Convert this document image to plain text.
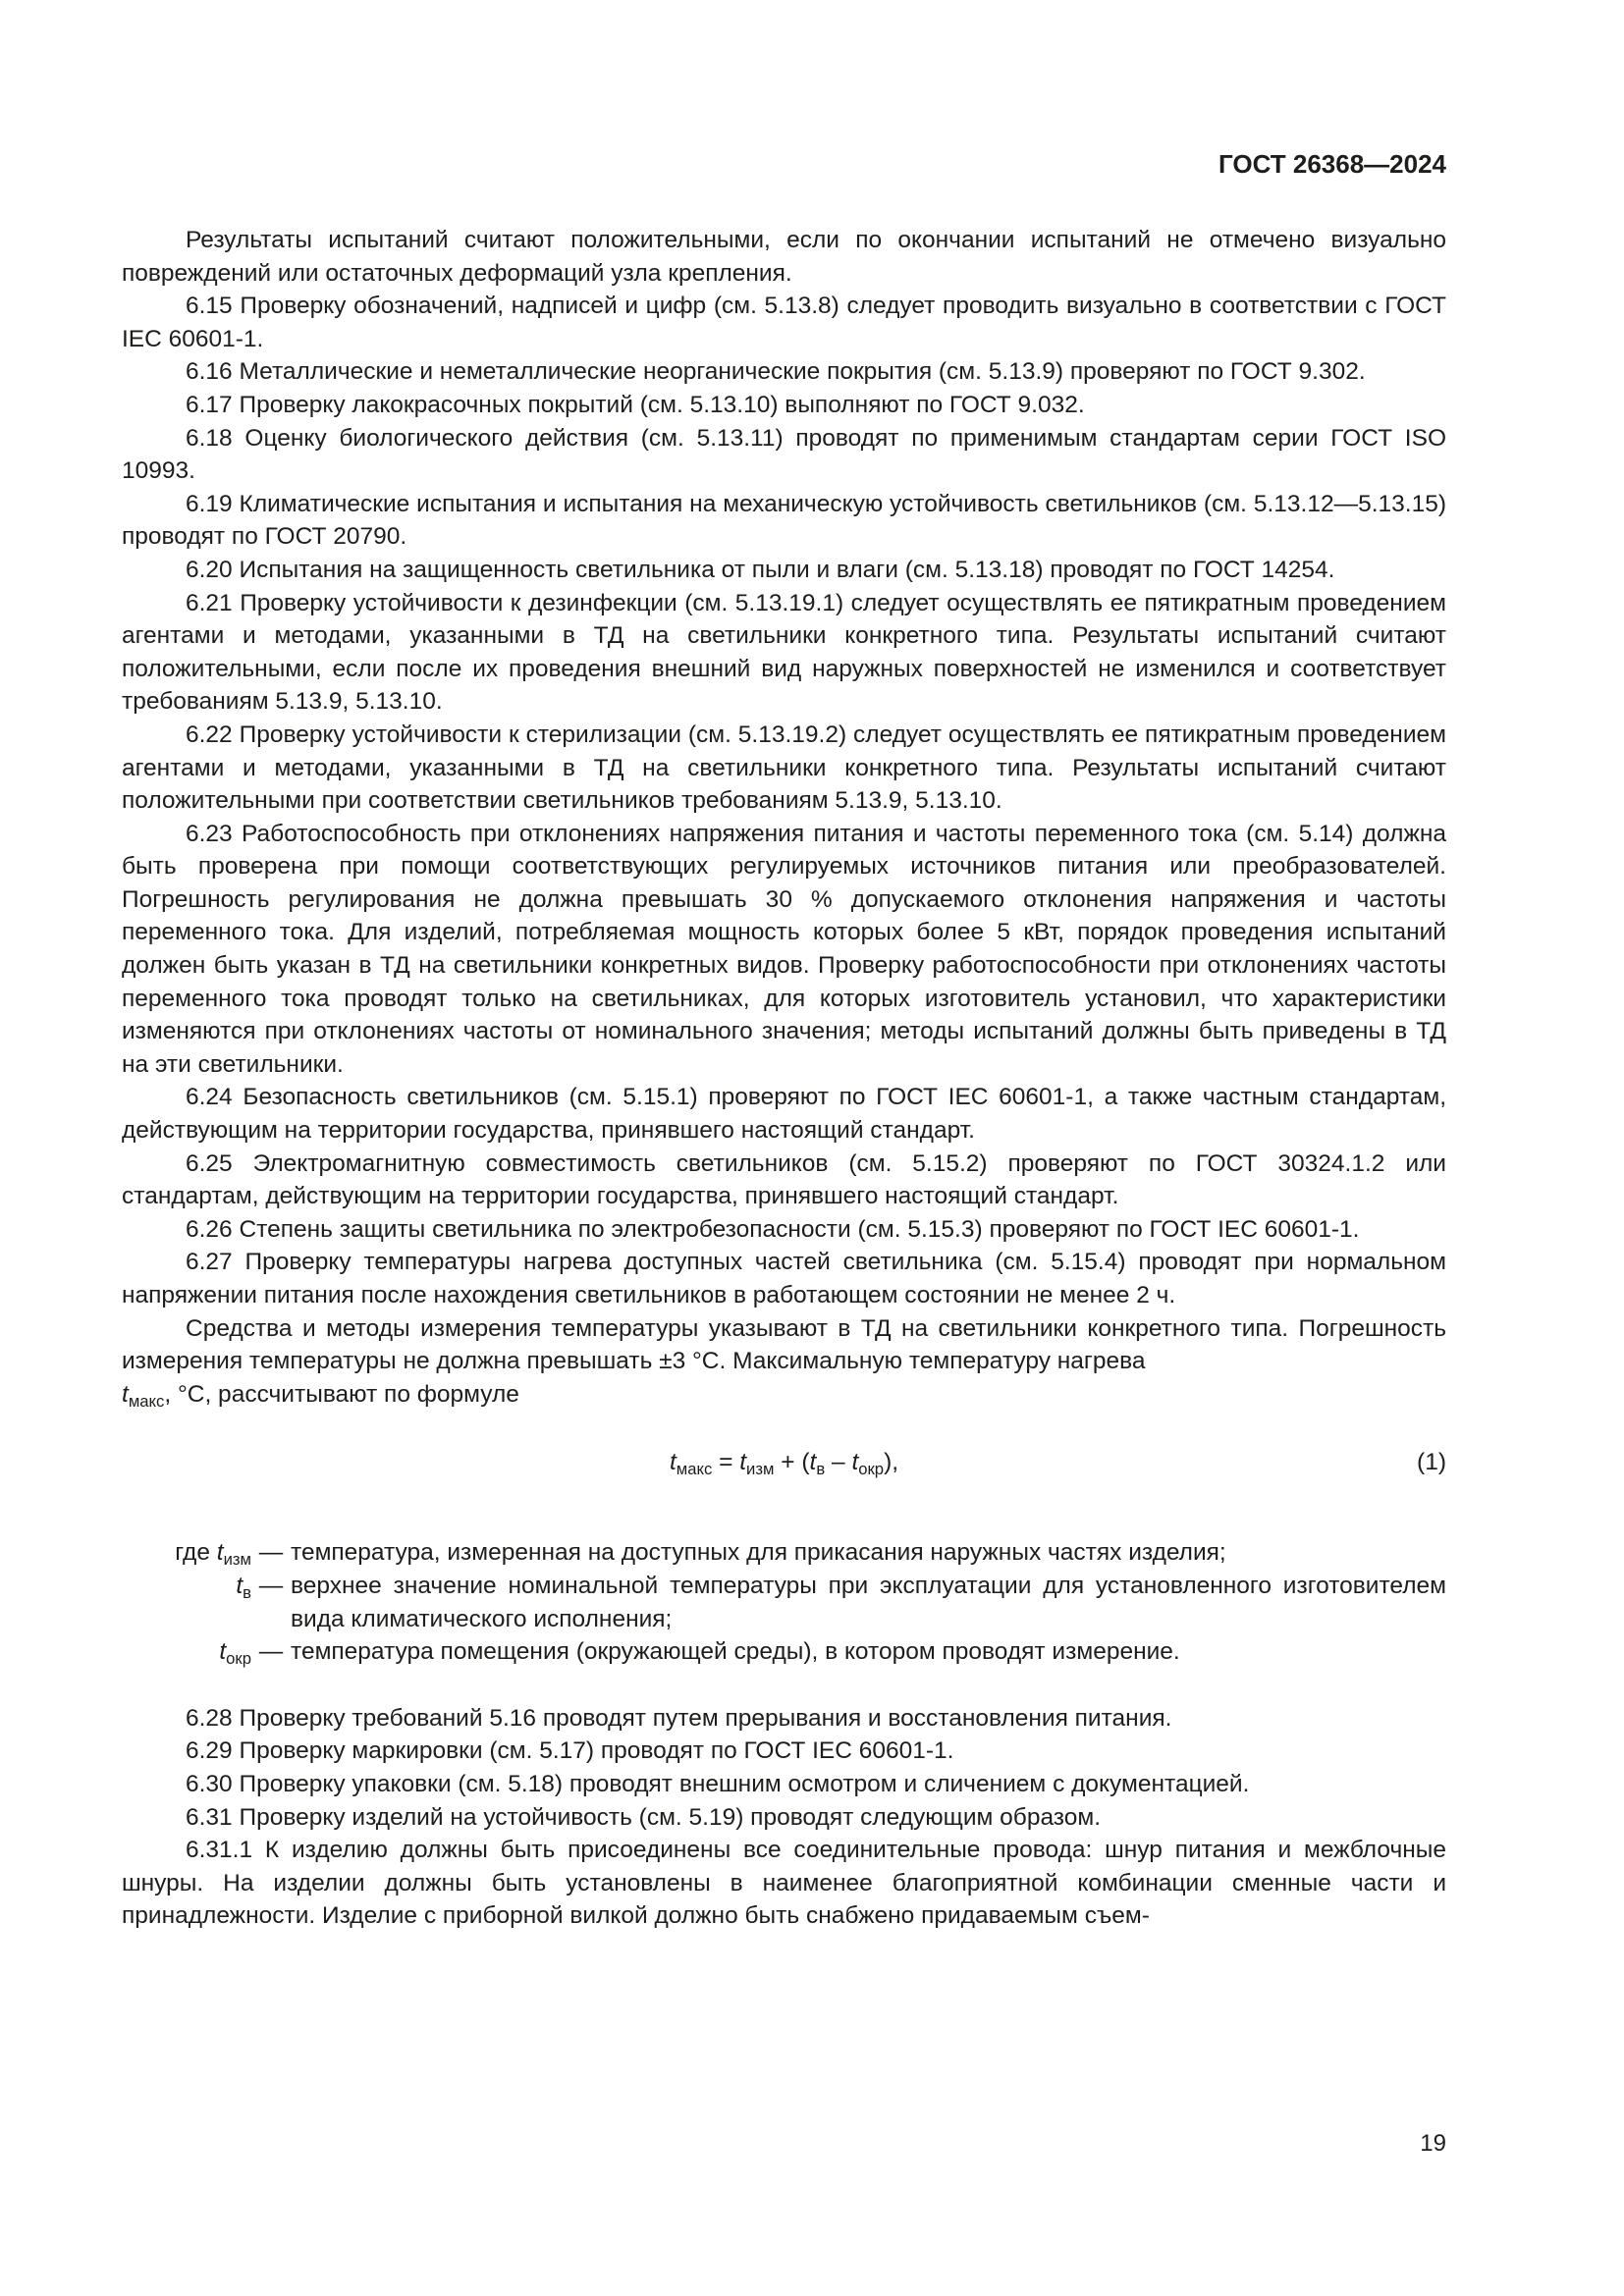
ГОСТ 26368—2024

Результаты испытаний считают положительными, если по окончании испытаний не отмечено визуально повреждений или остаточных деформаций узла крепления.

6.15 Проверку обозначений, надписей и цифр (см. 5.13.8) следует проводить визуально в соответствии с ГОСТ IEC 60601-1.

6.16 Металлические и неметаллические неорганические покрытия (см. 5.13.9) проверяют по ГОСТ 9.302.

6.17 Проверку лакокрасочных покрытий (см. 5.13.10) выполняют по ГОСТ 9.032.

6.18 Оценку биологического действия (см. 5.13.11) проводят по применимым стандартам серии ГОСТ ISO 10993.

6.19 Климатические испытания и испытания на механическую устойчивость светильников (см. 5.13.12—5.13.15) проводят по ГОСТ 20790.

6.20 Испытания на защищенность светильника от пыли и влаги (см. 5.13.18) проводят по ГОСТ 14254.

6.21 Проверку устойчивости к дезинфекции (см. 5.13.19.1) следует осуществлять ее пятикратным проведением агентами и методами, указанными в ТД на светильники конкретного типа. Результаты испытаний считают положительными, если после их проведения внешний вид наружных поверхностей не изменился и соответствует требованиям 5.13.9, 5.13.10.

6.22 Проверку устойчивости к стерилизации (см. 5.13.19.2) следует осуществлять ее пятикратным проведением агентами и методами, указанными в ТД на светильники конкретного типа. Результаты испытаний считают положительными при соответствии светильников требованиям 5.13.9, 5.13.10.

6.23 Работоспособность при отклонениях напряжения питания и частоты переменного тока (см. 5.14) должна быть проверена при помощи соответствующих регулируемых источников питания или преобразователей. Погрешность регулирования не должна превышать 30 % допускаемого отклонения напряжения и частоты переменного тока. Для изделий, потребляемая мощность которых более 5 кВт, порядок проведения испытаний должен быть указан в ТД на светильники конкретных видов. Проверку работоспособности при отклонениях частоты переменного тока проводят только на светильниках, для которых изготовитель установил, что характеристики изменяются при отклонениях частоты от номинального значения; методы испытаний должны быть приведены в ТД на эти светильники.

6.24 Безопасность светильников (см. 5.15.1) проверяют по ГОСТ IEC 60601-1, а также частным стандартам, действующим на территории государства, принявшего настоящий стандарт.

6.25 Электромагнитную совместимость светильников (см. 5.15.2) проверяют по ГОСТ 30324.1.2 или стандартам, действующим на территории государства, принявшего настоящий стандарт.

6.26 Степень защиты светильника по электробезопасности (см. 5.15.3) проверяют по ГОСТ IEC 60601-1.

6.27 Проверку температуры нагрева доступных частей светильника (см. 5.15.4) проводят при нормальном напряжении питания после нахождения светильников в работающем состоянии не менее 2 ч.

Средства и методы измерения температуры указывают в ТД на светильники конкретного типа. Погрешность измерения температуры не должна превышать ±3 °С. Максимальную температуру нагрева

$t_{макс}$, °С, рассчитывают по формуле

$t_{макс} = t_{изм} + (t_в - t_{окр})$,	(1)
где $t_{изм}$ — температура, измеренная на доступных для прикасания наружных частях изделия;
$t_в$ — верхнее значение номинальной температуры при эксплуатации для установленного изготовителем вида климатического исполнения;
$t_{окр}$ — температура помещения (окружающей среды), в котором проводят измерение.

6.28 Проверку требований 5.16 проводят путем прерывания и восстановления питания.

6.29 Проверку маркировки (см. 5.17) проводят по ГОСТ IEC 60601-1.

6.30 Проверку упаковки (см. 5.18) проводят внешним осмотром и сличением с документацией.

6.31 Проверку изделий на устойчивость (см. 5.19) проводят следующим образом.

6.31.1 К изделию должны быть присоединены все соединительные провода: шнур питания и межблочные шнуры. На изделии должны быть установлены в наименее благоприятной комбинации сменные части и принадлежности. Изделие с приборной вилкой должно быть снабжено придаваемым съем-

19
